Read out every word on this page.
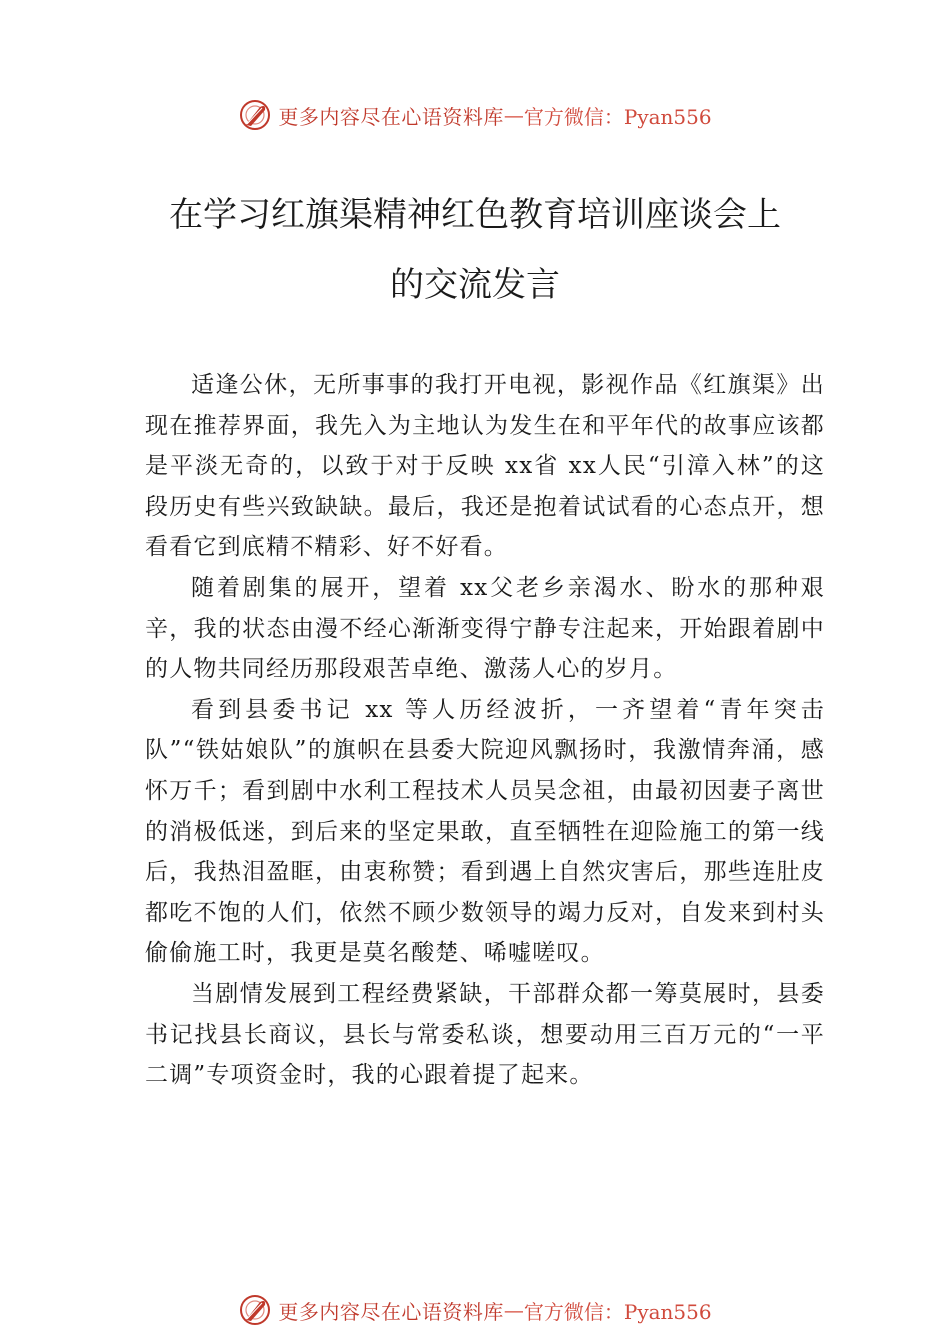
更多内容尽在心语资料库 — 官方微信：Pyan556
在学习红旗渠精神红色教育培训座谈会上
的交流发言

适逢公休，无所事事的我打开电视，影视作品《红旗渠》出现在推荐界面，我先入为主地认为发生在和平年代的故事应该都是平淡无奇的，以致于对于反映 xx省 xx人民“引漳入林”的这段历史有些兴致缺缺。最后，我还是抱着试试看的心态点开，想看看它到底精不精彩、好不好看。

随着剧集的展开，望着 xx父老乡亲渴水、盼水的那种艰辛，我的状态由漫不经心渐渐变得宁静专注起来，开始跟着剧中的人物共同经历那段艰苦卓绝、激荡人心的岁月。

看到县委书记 xx 等人历经波折，一齐望着“青年突击队”“铁姑娘队”的旗帜在县委大院迎风飘扬时，我激情奔涌，感怀万千；看到剧中水利工程技术人员吴念祖，由最初因妻子离世的消极低迷，到后来的坚定果敢，直至牺牲在迎险施工的第一线后，我热泪盈眶，由衷称赞；看到遇上自然灾害后，那些连肚皮都吃不饱的人们，依然不顾少数领导的竭力反对，自发来到村头偷偷施工时，我更是莫名酸楚、唏嘘嗟叹。

当剧情发展到工程经费紧缺，干部群众都一筹莫展时，县委书记找县长商议，县长与常委私谈，想要动用三百万元的“一平二调”专项资金时，我的心跟着提了起来。

更多内容尽在心语资料库 — 官方微信：Pyan556
